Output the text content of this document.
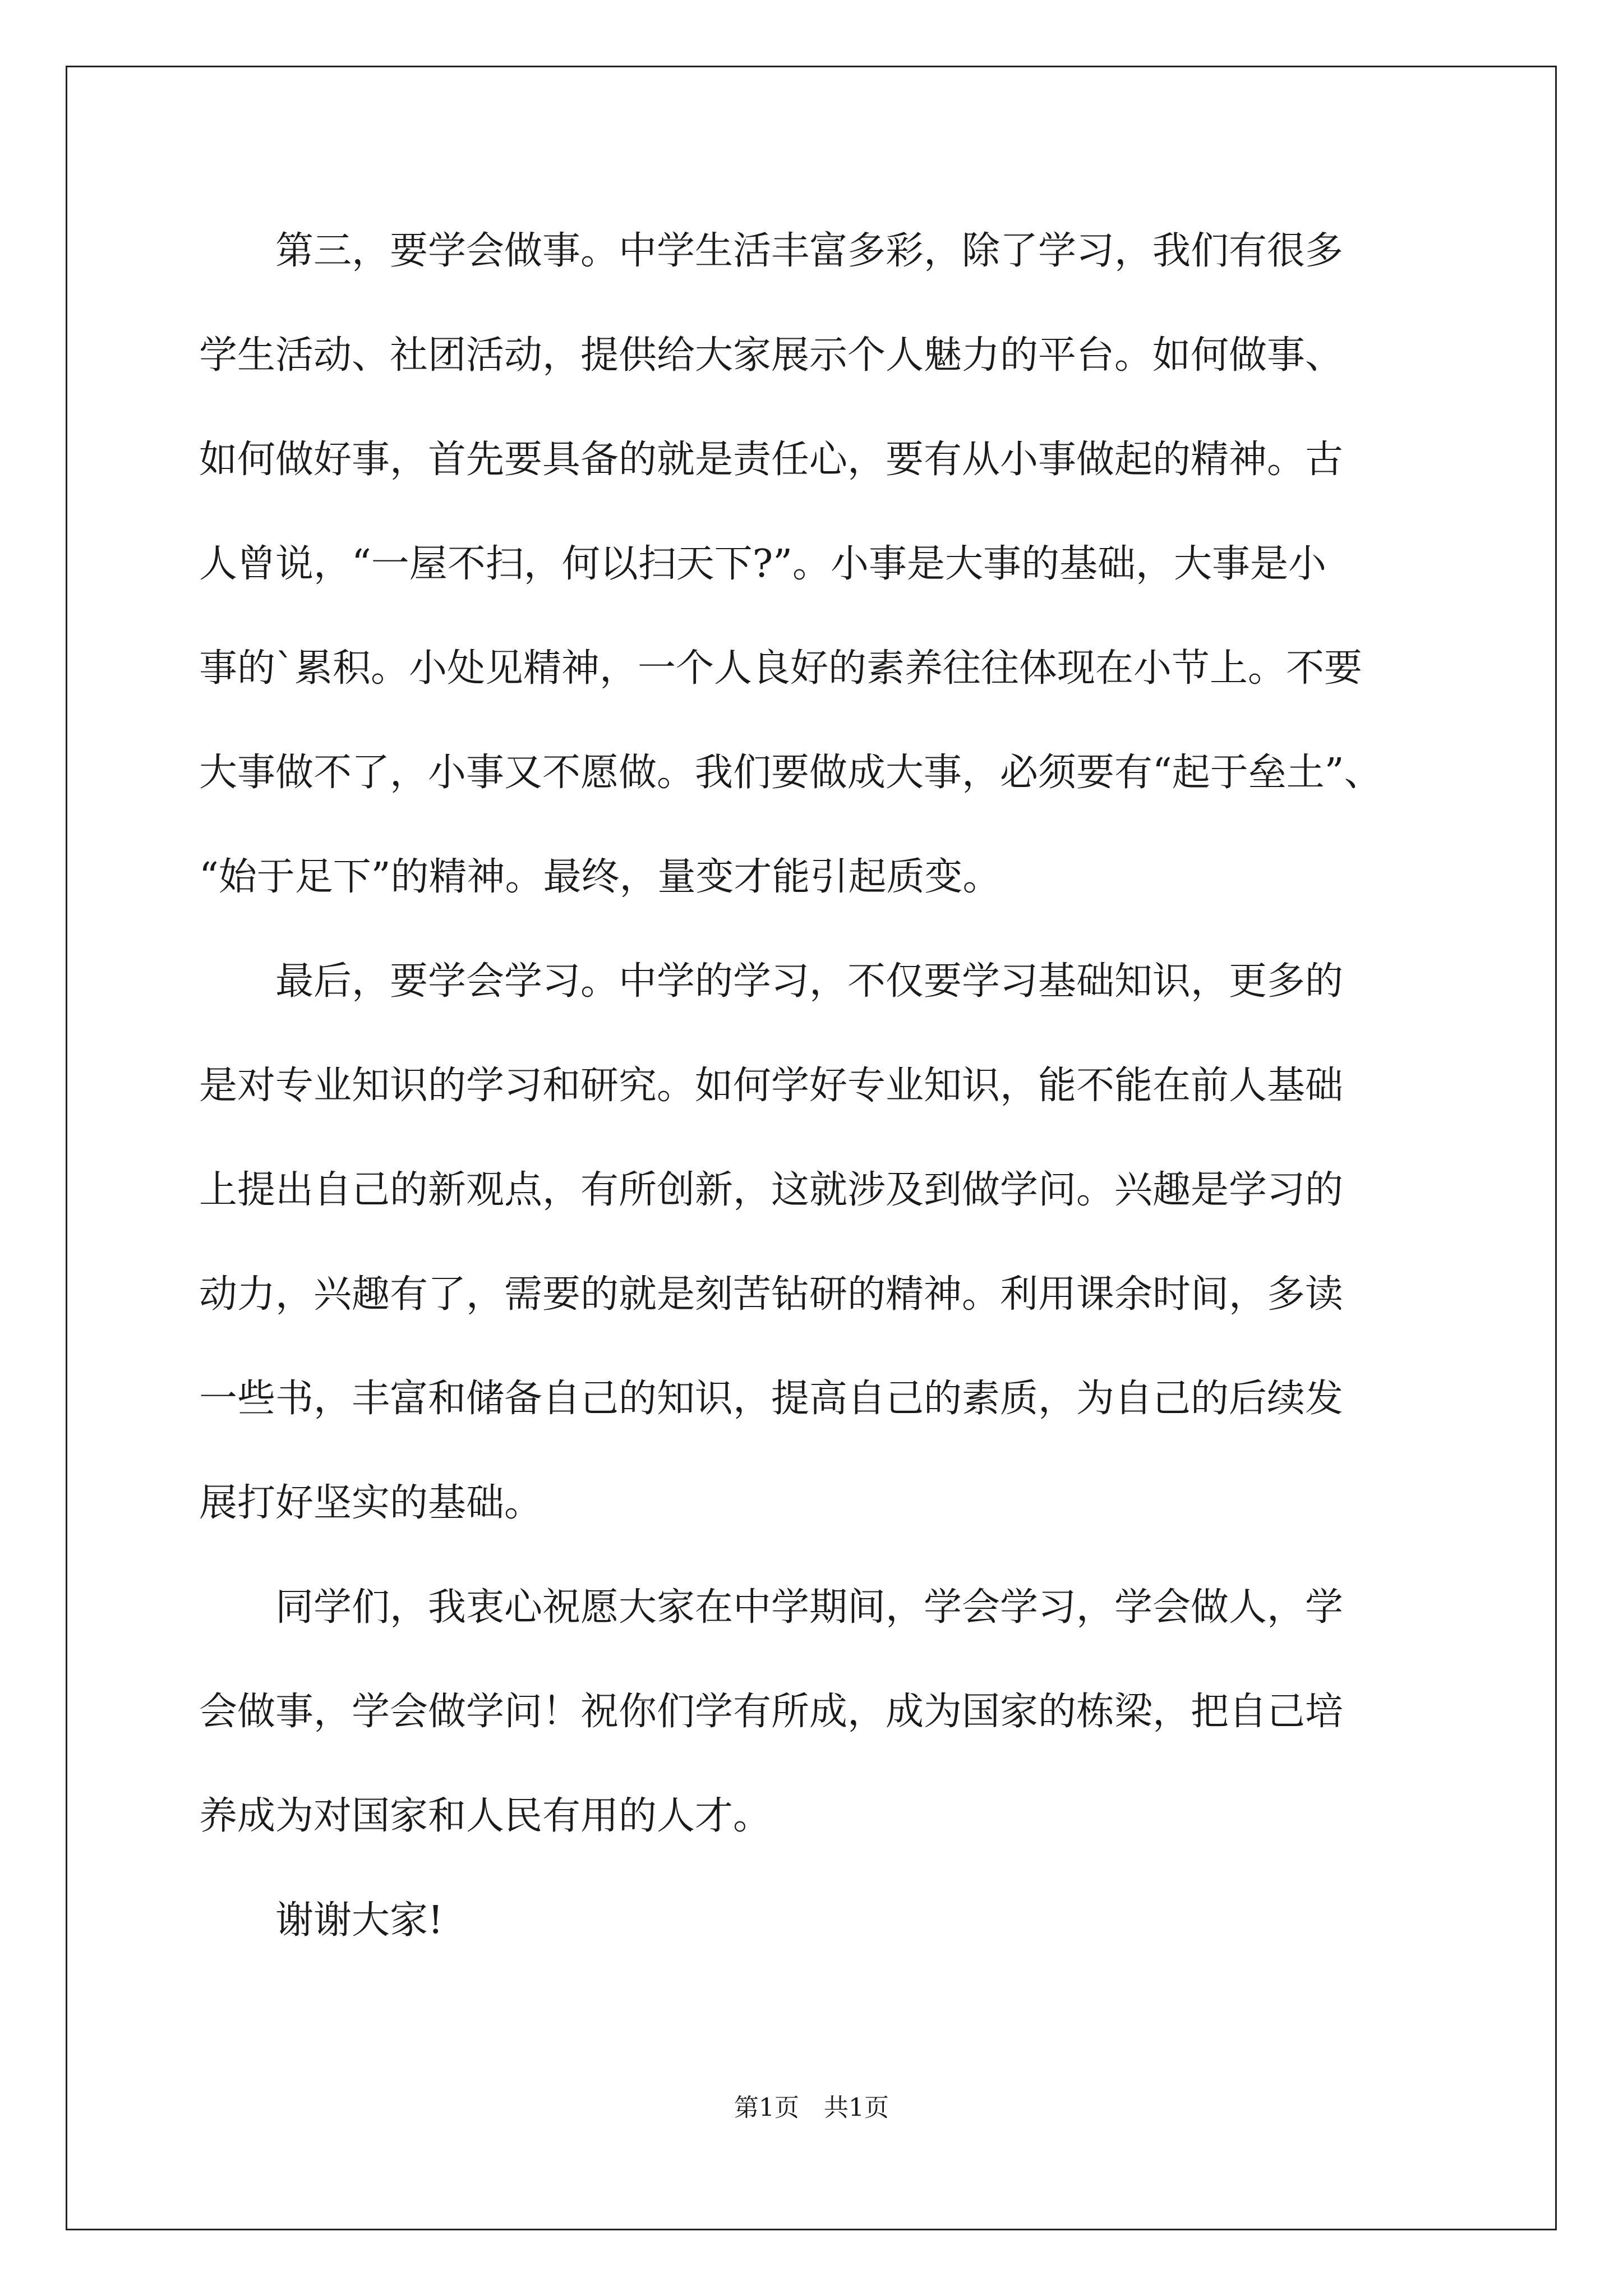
　　第三，要学会做事。中学生活丰富多彩，除了学习，我们有很多
学生活动、社团活动，提供给大家展示个人魅力的平台。如何做事、
如何做好事，首先要具备的就是责任心，要有从小事做起的精神。古
人曾说，“一屋不扫，何以扫天下?”。小事是大事的基础，大事是小
事的`累积。小处见精神，一个人良好的素养往往体现在小节上。不要
大事做不了，小事又不愿做。我们要做成大事，必须要有“起于垒土”、
“始于足下”的精神。最终，量变才能引起质变。
　　最后，要学会学习。中学的学习，不仅要学习基础知识，更多的
是对专业知识的学习和研究。如何学好专业知识，能不能在前人基础
上提出自己的新观点，有所创新，这就涉及到做学问。兴趣是学习的
动力，兴趣有了，需要的就是刻苦钻研的精神。利用课余时间，多读
一些书，丰富和储备自己的知识，提高自己的素质，为自己的后续发
展打好坚实的基础。
　　同学们，我衷心祝愿大家在中学期间，学会学习，学会做人，学
会做事，学会做学问！祝你们学有所成，成为国家的栋梁，把自己培
养成为对国家和人民有用的人才。
　　谢谢大家!
第1页　共1页
